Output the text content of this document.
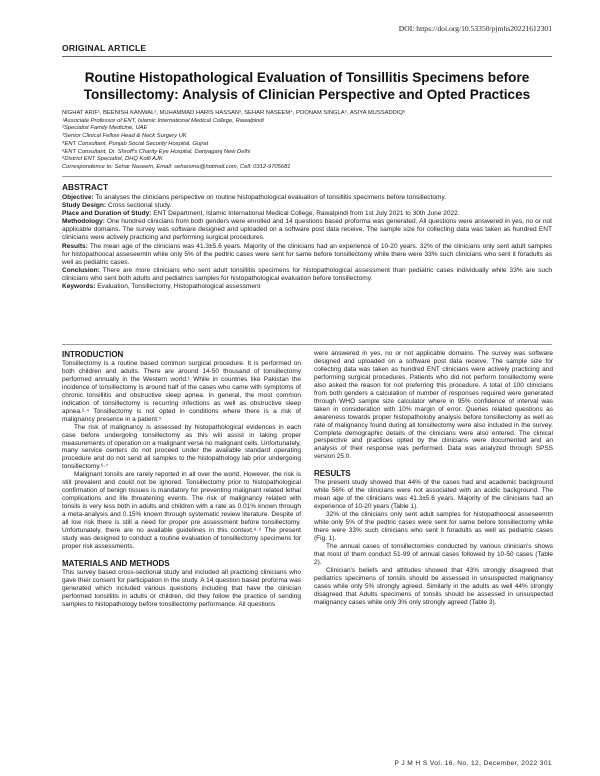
DOI: https://doi.org/10.53350/pjmhs20221612301
ORIGINAL ARTICLE
Routine Histopathological Evaluation of Tonsillitis Specimens before Tonsillectomy: Analysis of Clinician Perspective and Opted Practices
NIGHAT ARIF¹, BEENISH KANWAL², MUHAMMAD HARIS HASSAN³, SEHAR NASEEM⁴, POONAM SINGLA⁵, ASIYA MUSSADDIQ⁶
¹Associate Professor of ENT, Islamic International Medical College, Rawalpindi
²Specialist Family Medicine, UAE
³Senior Clinical Fellow Head & Neck Surgery UK
⁴ENT Consultant, Punjab Social Security Hospital, Gujrat
⁵ENT Consultant, Dr. Shroff's Charity Eye Hospital, Dariyaganj New Delhi
⁶District ENT Specialist, DHQ Kotli AJK
Correspondence to: Sehar Naseem, Email: seharsma@hotmail.com, Cell: 0312-9705681
ABSTRACT

Objective: To analyses the clinicians perspective on routine histopathological evaluation of tonsillitis specimens before tonsillectomy.

Study Design: Cross sectional study.

Place and Duration of Study: ENT Department, Islamic International Medical College, Rawalpindi from 1st July 2021 to 30th June 2022.

Methodology: One hundred clinicians from both genders were enrolled and 14 questions based proforma was generated. All questions were answered in yes, no or not applicable domains. The survey was software designed and uploaded on a software post data receive. The sample size for collecting data was taken as hundred ENT clinicians were actively practicing and performing surgical procedures.

Results: The mean age of the clinicians was 41.3±5.6 years. Majority of the clinicians had an experience of 10-20 years. 32% of the clinicians only sent adult samples for histopathoocal asseseemtn while only 5% of the pedtric cases were sent for same before tonsillectomy while there were 33% such clinicians who sent it foradults as well as pediatric cases.

Conclusion: There are more clinicians who sent adult tonsillitis specimens for histopathological assessment than pediatric cases individually while 33% are such clinicians who sent both adults and pediatrics samples for histopathological evaluation before tonsillectomy.

Keywords: Evaluation, Tonsillectomy, Histopathological assessment

INTRODUCTION

Tonsillectomy is a routine based common surgical procedure. It is performed on both children and adults. There are around 14-50 thousand of tonsillectomy performed annually in the Western world.¹ While in countries like Pakistan the incidence of tonsillectomy is around half of the cases who came with symptoms of chronic tonsillitis and obstructive sleep apnea. In general, the most common indication of tonsillectomy is recurring infections as well as obstructive sleep apnea.²·⁴ Tonsillectomy is not opted in conditions where there is a risk of malignancy presence in a patient.⁵

The risk of malignancy is assessed by histopathological evidences in each case before undergoing tonsillectomy as this will assist in taking proper measurements of operation on a malignant verse no malignant cells. Unfortunately, many service centers do not proceed under the available standard operating procedure and do not send all samples to the histopathology lab prior undergoing tonsillectomy.⁶·⁷

Malignant tonsils are rarely reported in all over the world. However, the risk is still prevalent and could not be ignored. Tonsillectomy prior to histopathological confirmation of benign tissues is mandatory for preventing malignant related lethal complications and life threatening events. The risk of malignancy related with tonsils is very less both in adults and children with a rate as 0.01% known through a meta-analysis and 0.15% known through systematic review literature. Despite of all low risk there is still a need for proper pre assessment before tonsillectomy. Unfortunately, there are no available guidelines in this context.⁸·⁹ The present study was designed to conduct a routine evaluation of tonsillectomy specimens for proper risk assessments.

MATERIALS AND METHODS

This survey based cross-sectional study and included all practicing clinicians who gave their consent for participation in the study. A 14 question based proforma was generated which included various questions including that have the clinician performed tonsillitis in adults or children, did they follow the practice of sending samples to histopathology before tonsillectomy performance. All questions

were answered in yes, no or not applicable domains. The survey was software designed and uploaded on a software post data receive. The sample size for collecting data was taken as hundred ENT clinicians were actively practicing and performing surgical procedures. Patients who did not perform tonsillectomy were also asked the reason for not preferring this procedure. A total of 100 clinicians from both genders a calculation of number of responses required were generated through WHO sample size calculator where in 95% confidence of interval was taken in consideration with 10% margin of error. Queries related questions as awareness towards proper histopatholoby analysis before tonsillectomy as well as rate of malignancy found during all tonsillectomy were also included in the survey. Complete demographic details of the clinicians were also entered. The clinical perspective and practices opted by the clinicians were documented and an analysis of their response was performed. Data was analyzed through SPSS version 25.0.

RESULTS

The present study showed that 44% of the cases had and academic background while 56% of the clinicians were not associated with an acidic background. The mean age of the clinicians was 41.3±5.6 years. Majority of the clinicians had an experience of 10-20 years (Table 1).

32% of the clinicians only sent adult samples for histopathoocal asseseemtn while only 5% of the pedtric cases were sent for same before tonsillectomy while there were 33% such clinicians who sent it foradults as well as pediatric cases (Fig. 1).

The annual cases of tonsillectomies conducted by various clinician's shows that most of them conduct 51-99 of annual cases followed by 10-50 cases (Table 2).

Clinician's beliefs and attitudes showed that 43% strongly disagreed that pediatrics specimens of tonsils should be assessed in unsuspected malignancy cases while only 5% strongly agreed. Similarly in the adults as well 44% strongly disagreed that Adults specimens of tonsils should be assessed in unsuspected malignancy cases while only 3% only strongly agreed (Table 3).

P J M H S Vol. 16, No. 12, December, 2022 301
